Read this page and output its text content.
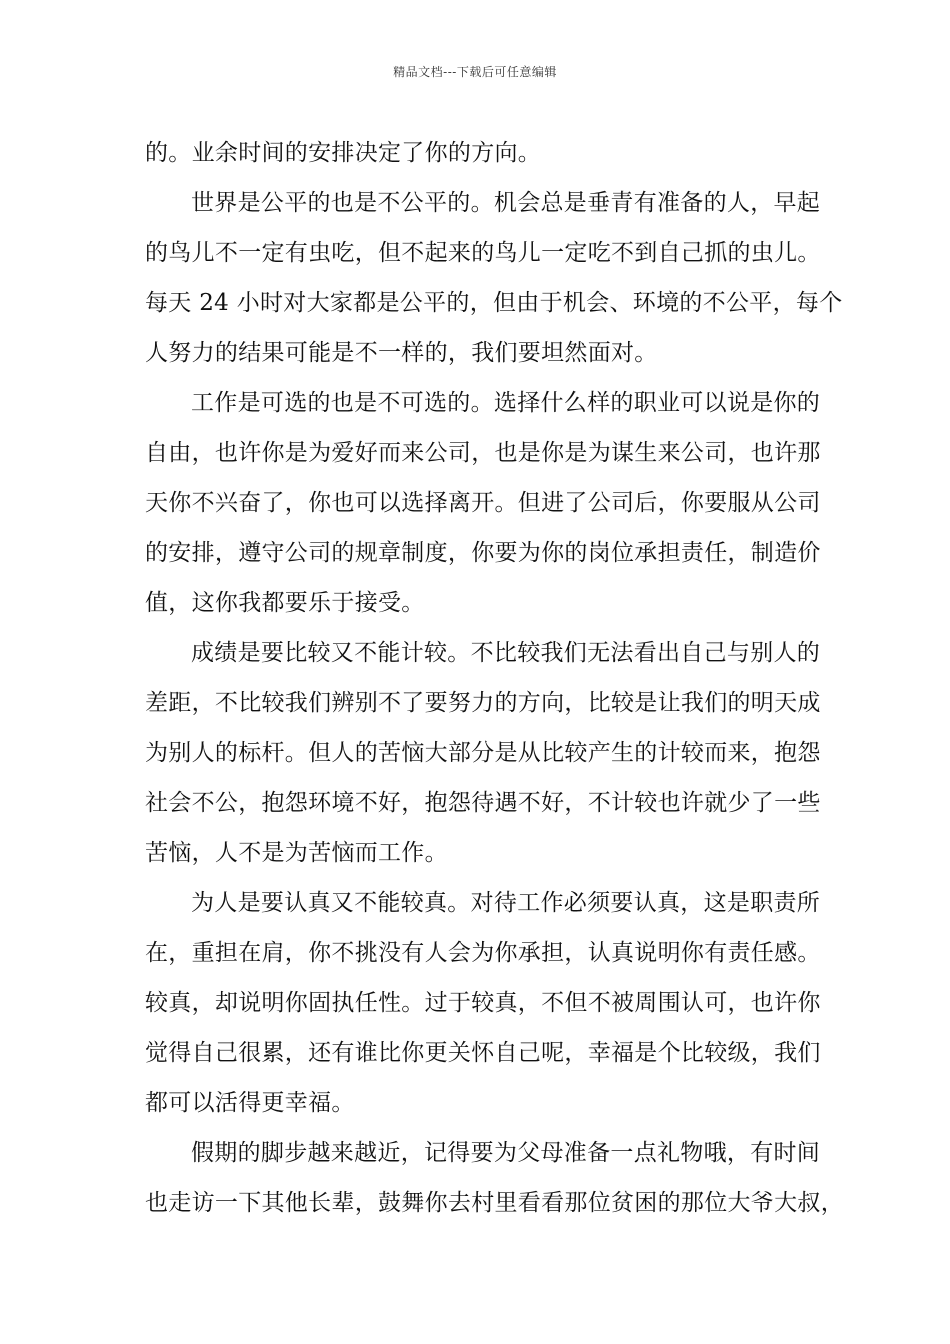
精品文档---下载后可任意编辑
的。业余时间的安排决定了你的方向。
世界是公平的也是不公平的。机会总是垂青有准备的人，早起
的鸟儿不一定有虫吃，但不起来的鸟儿一定吃不到自己抓的虫儿。
每天 24 小时对大家都是公平的，但由于机会、环境的不公平，每个
人努力的结果可能是不一样的，我们要坦然面对。
工作是可选的也是不可选的。选择什么样的职业可以说是你的
自由，也许你是为爱好而来公司，也是你是为谋生来公司，也许那
天你不兴奋了，你也可以选择离开。但进了公司后，你要服从公司
的安排，遵守公司的规章制度，你要为你的岗位承担责任，制造价
值，这你我都要乐于接受。
成绩是要比较又不能计较。不比较我们无法看出自己与别人的
差距，不比较我们辨别不了要努力的方向，比较是让我们的明天成
为别人的标杆。但人的苦恼大部分是从比较产生的计较而来，抱怨
社会不公，抱怨环境不好，抱怨待遇不好，不计较也许就少了一些
苦恼，人不是为苦恼而工作。
为人是要认真又不能较真。对待工作必须要认真，这是职责所
在，重担在肩，你不挑没有人会为你承担，认真说明你有责任感。
较真，却说明你固执任性。过于较真，不但不被周围认可，也许你
觉得自己很累，还有谁比你更关怀自己呢，幸福是个比较级，我们
都可以活得更幸福。
假期的脚步越来越近，记得要为父母准备一点礼物哦，有时间
也走访一下其他长辈，鼓舞你去村里看看那位贫困的那位大爷大叔，
